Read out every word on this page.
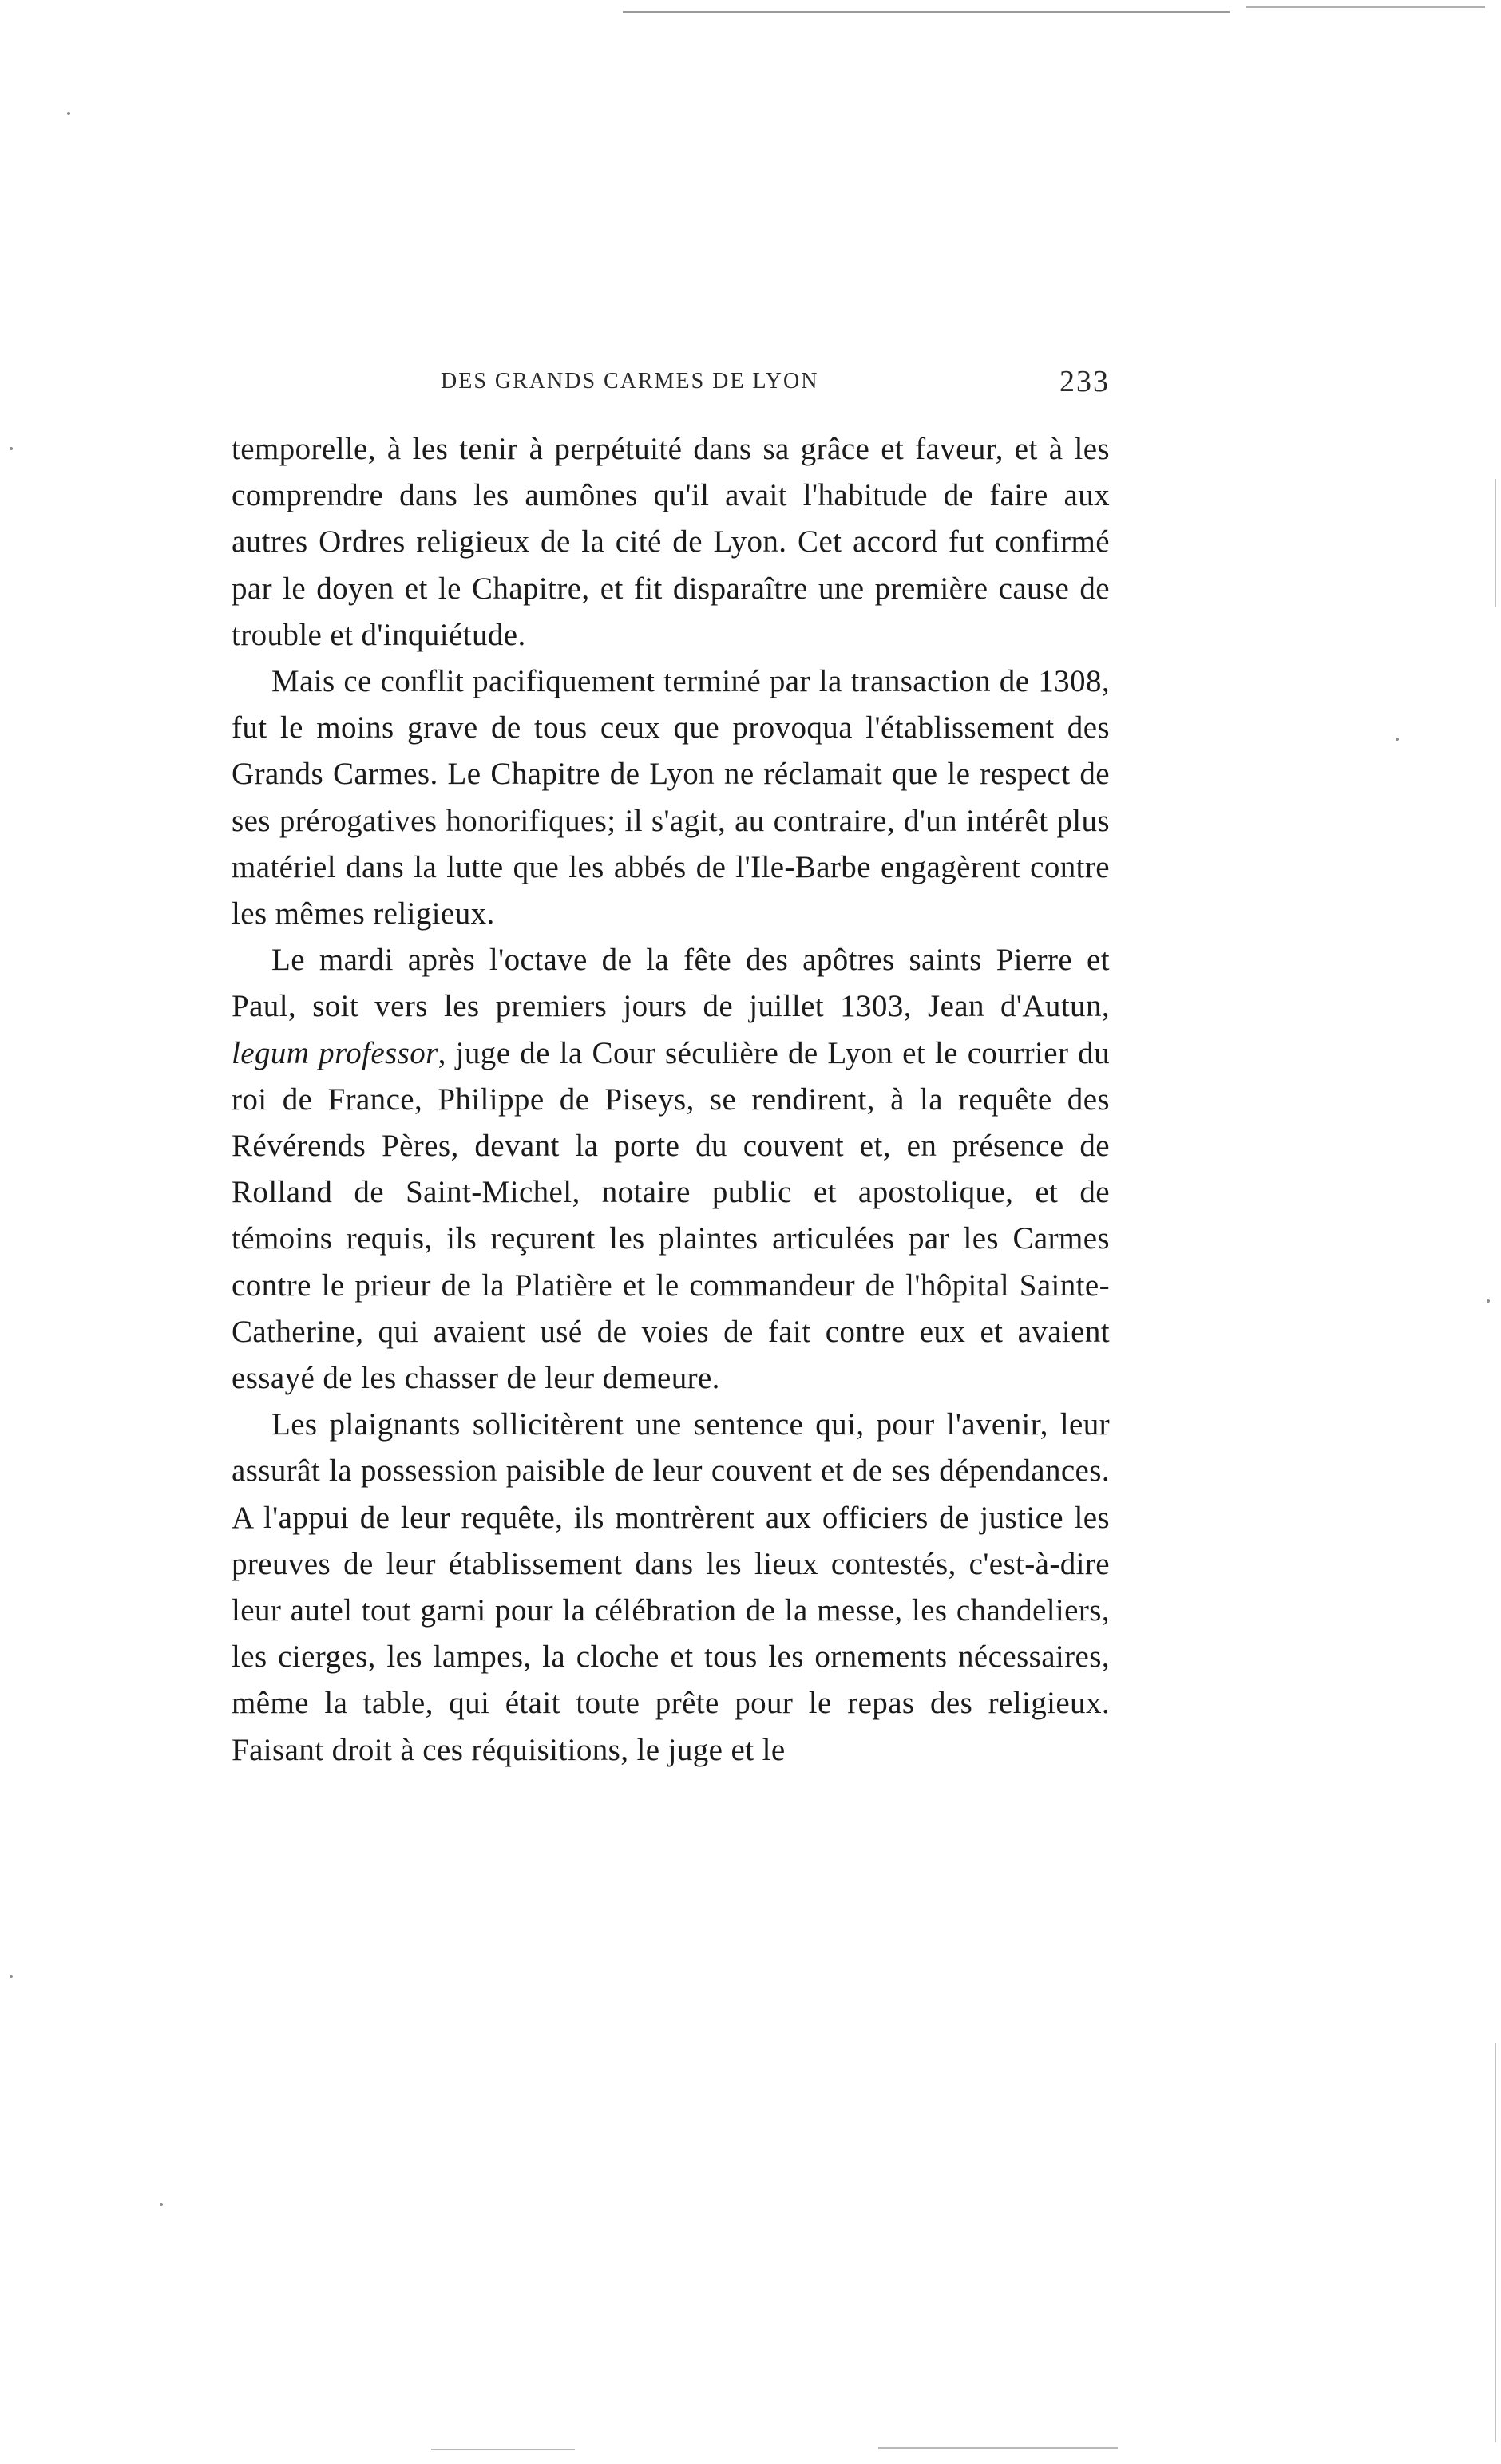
DES GRANDS CARMES DE LYON	233

temporelle, à les tenir à perpétuité dans sa grâce et faveur, et à les comprendre dans les aumônes qu'il avait l'habitude de faire aux autres Ordres religieux de la cité de Lyon. Cet accord fut confirmé par le doyen et le Chapitre, et fit disparaître une première cause de trouble et d'inquiétude.

Mais ce conflit pacifiquement terminé par la transaction de 1308, fut le moins grave de tous ceux que provoqua l'établissement des Grands Carmes. Le Chapitre de Lyon ne réclamait que le respect de ses prérogatives honorifiques; il s'agit, au contraire, d'un intérêt plus matériel dans la lutte que les abbés de l'Ile-Barbe engagèrent contre les mêmes religieux.

Le mardi après l'octave de la fête des apôtres saints Pierre et Paul, soit vers les premiers jours de juillet 1303, Jean d'Autun, legum professor, juge de la Cour séculière de Lyon et le courrier du roi de France, Philippe de Piseys, se rendirent, à la requête des Révérends Pères, devant la porte du couvent et, en présence de Rolland de Saint-Michel, notaire public et apostolique, et de témoins requis, ils reçurent les plaintes articulées par les Carmes contre le prieur de la Platière et le commandeur de l'hôpital Sainte-Catherine, qui avaient usé de voies de fait contre eux et avaient essayé de les chasser de leur demeure.

Les plaignants sollicitèrent une sentence qui, pour l'avenir, leur assurât la possession paisible de leur couvent et de ses dépendances. A l'appui de leur requête, ils montrèrent aux officiers de justice les preuves de leur établissement dans les lieux contestés, c'est-à-dire leur autel tout garni pour la célébration de la messe, les chandeliers, les cierges, les lampes, la cloche et tous les ornements nécessaires, même la table, qui était toute prête pour le repas des religieux. Faisant droit à ces réquisitions, le juge et le
